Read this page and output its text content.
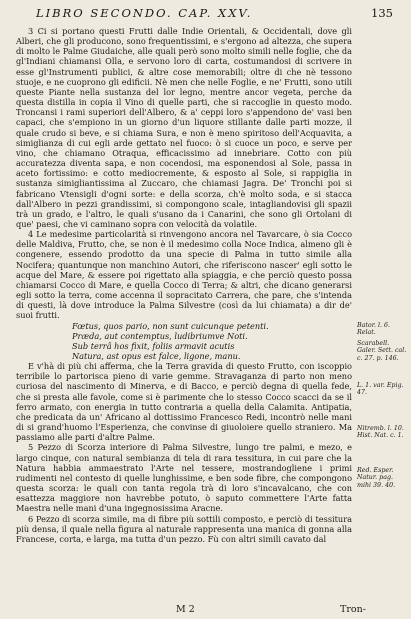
LIBRO SECONDO. CAP. XXV.	135

3 Ci si portano questi Frutti dalle Indie Orientali, & Occidentali, dove gli Alberi, che gli producono, sono frequentissimi, e s'ergono ad altezza, che supera di molto le Palme Giudaiche, alle quali però sono molto simili nelle foglie, che da gl'Indiani chiamansi Olla, e servono loro di carta, costumandosi di scrivere in esse gl'Instrumenti publici, & altre cose memorabili; oltre di che nè tessono stuoje, e ne cuoprono gli edificii. Nè men che nelle Foglie, e ne' Frutti, sono utili queste Piante nella sustanza del lor legno, mentre ancor vegeta, perche da questa distilla in copia il Vino di quelle parti, che si raccoglie in questo modo. Troncansi i rami superiori dell'Albero, & a' ceppi loro s'appendono de' vasi ben capaci, che s'empiono in un giorno d'un liquore stillante dalle parti mozze, il quale crudo si beve, e si chiama Sura, e non è meno spiritoso dell'Acquavita, a simiglianza di cui egli arde gettato nel fuoco: ò si cuoce un poco, e serve per vino, che chiamano Otraqua, efficacissimo ad innebriare. Cotto con più accuratezza diventa sapa, e non cocendosi, ma esponendosi al Sole, passa in aceto fortissimo: e cotto mediocremente, & esposto al Sole, si rappiglia in sustanza simigliantissima al Zuccaro, che chiamasi Jagra. De' Tronchi poi si fabricano Vtensigli d'ogni sorte: e della scorza, ch'è molto soda, e si stacca dall'Albero in pezzi grandissimi, si compongono scale, intagliandovisi gli spazii trà un grado, e l'altro, le quali s'usano da i Canarini, che sono gli Ortolani di que' paesi, che vi caminano sopra con velocità da volatile.

4 Le medesime particolarità si rinvengono ancora nel Tavarcare, ò sia Cocco delle Maldiva, Frutto, che, se non è il medesimo colla Noce Indica, almeno gli è congenere, essendo prodotto da una specie di Palma in tutto simile alla Nocifera; quantunque non manchino Autori, che riferiscono nascer' egli sotto le acque del Mare, & essere poi rigettato alla spiaggia, e che perciò questo possa chiamarsi Cocco di Mare, e quella Cocco di Terra; & altri, che dicano generarsi egli sotto la terra, come accenna il sopracitato Carrera, che pare, che s'intenda di questi, là dove introduce la Palma Silvestre (così da lui chiamata) a dir de' suoi frutti.

Fœtus, quos pario, non sunt cuicunque petenti.

Præda, aut contemptus, ludibriumve Noti.

Sub terrâ hos fixit, foliis armavit acutis

Natura, ast opus est falce, ligone, manu.

E v'hà di più chi afferma, che la Terra gravida di questo Frutto, con iscoppio terribile lo partorisca pieno di varie gemme. Stravaganza di parto non meno curiosa del nascimento di Minerva, e di Bacco, e perciò degna di quella fede, che si presta alle favole, come si è parimente che lo stesso Cocco scacci da se il ferro armato, con energia in tutto contraria a quella della Calamita. Antipatia, che predicata da un' Africano al dottissimo Francesco Redi, incontrò nelle mani di si grand'huomo l'Esperienza, che convinse di giuoloiere quello straniero. Ma passiamo alle parti d'altre Palme.

5 Pezzo di Scorza interiore di Palma Silvestre, lungo tre palmi, e mezo, e largo cinque, con natural sembianza di tela di rara tessitura, in cui pare che la Natura habbia ammaestrato l'Arte nel tessere, mostrandogliene i primi rudimenti nel contesto di quelle lunghissime, e ben sode fibre, che compongono questa scorza: le quali con tanta regola trà di loro s'incavalcano, che con esattezza maggiore non havrebbe potuto, ò saputo commettere l'Arte fatta Maestra nelle mani d'una ingegnosissima Aracne.

6 Pezzo di scorza simile, ma di fibre più sottili composto, e perciò di tessitura più densa, il quale nella figura al naturale rappresenta una manica di gonna alla Francese, corta, e larga, ma tutta d'un pezzo. Fù con altri simili cavato dal

Bator. l. 6. Relat.
Scarabell. Galer. Sett. cal. c. 27. p. 146.
L. 1. var. Epig. 47.
Nitremb. l. 10. Hist. Nat. c. 1.
Red. Esper. Natur. pag. mihi 39. 40.
M 2	Tron-
